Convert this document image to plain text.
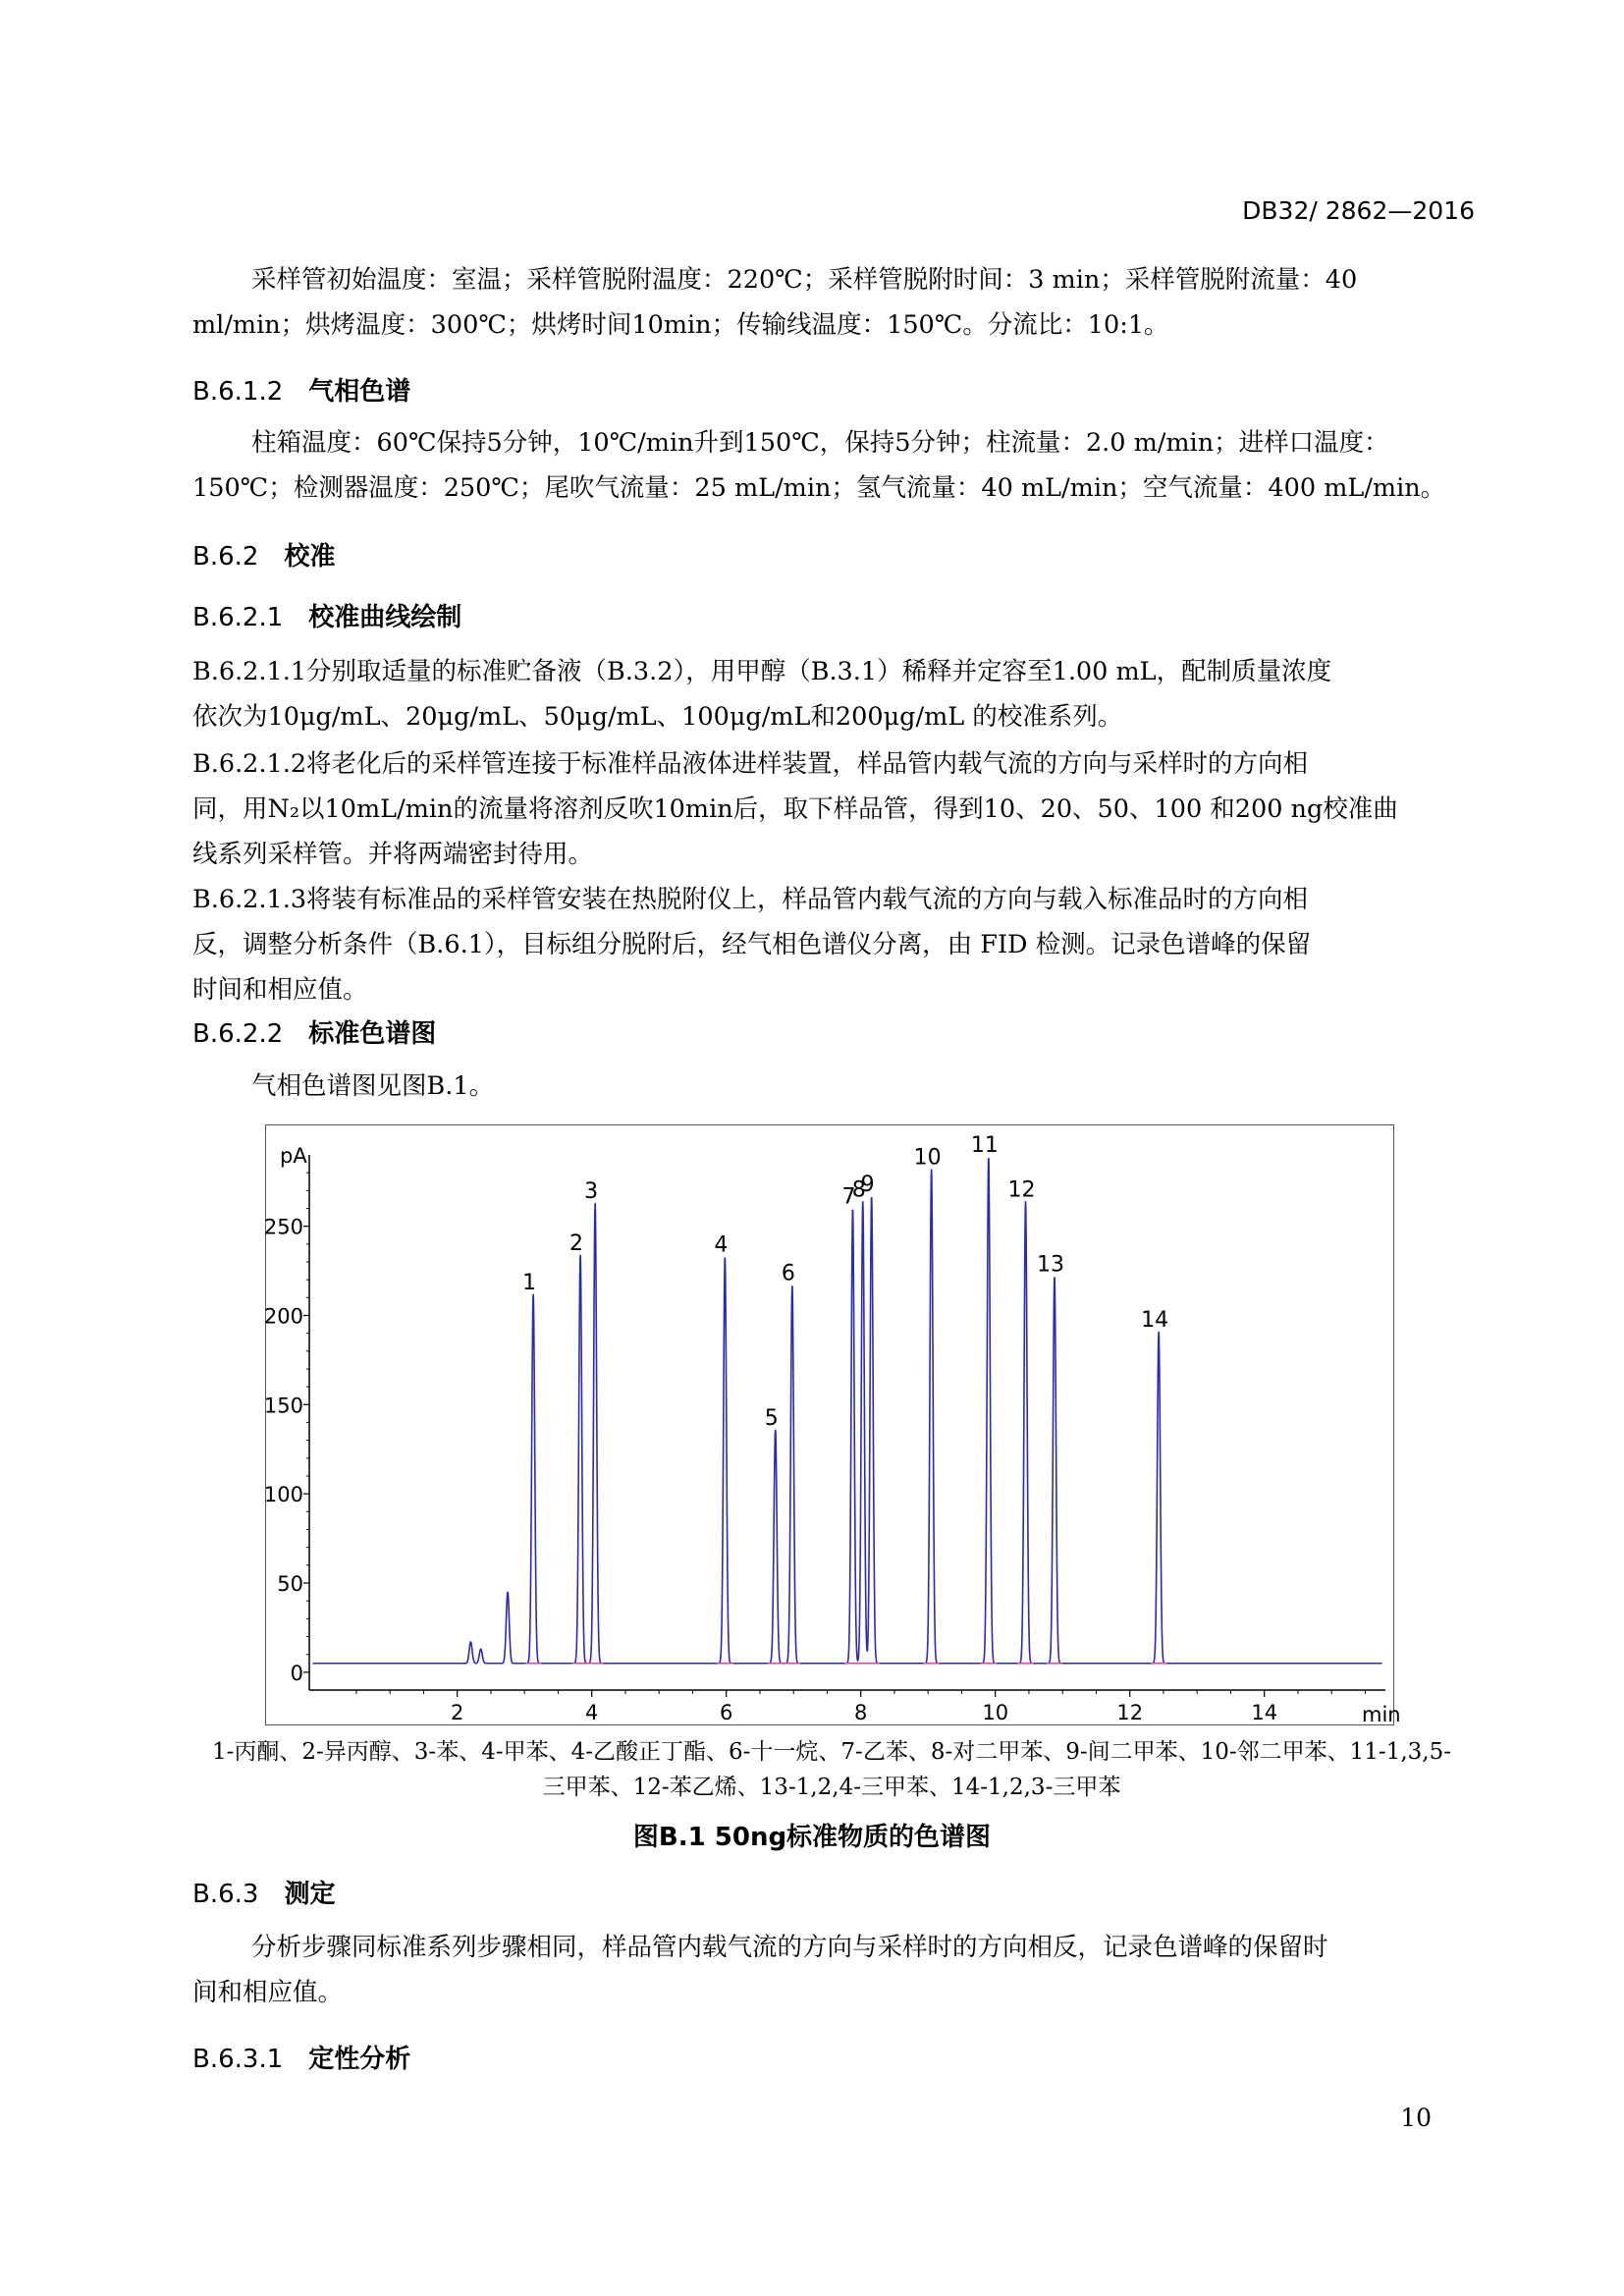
DB32/ 2862—2016
采样管初始温度：室温；采样管脱附温度：220℃；采样管脱附时间：3 min；采样管脱附流量：40
ml/min；烘烤温度：300℃；烘烤时间10min；传输线温度：150℃。分流比：10:1。
B.6.1.2 气相色谱
柱箱温度：60℃保持5分钟，10℃/min升到150℃，保持5分钟；柱流量：2.0 m/min；进样口温度：
150℃；检测器温度：250℃；尾吹气流量：25 mL/min；氢气流量：40 mL/min；空气流量：400 mL/min。
B.6.2 校准
B.6.2.1 校准曲线绘制
B.6.2.1.1分别取适量的标准贮备液（B.3.2），用甲醇（B.3.1）稀释并定容至1.00 mL，配制质量浓度
依次为10μg/mL、20μg/mL、50μg/mL、100μg/mL和200μg/mL 的校准系列。
B.6.2.1.2将老化后的采样管连接于标准样品液体进样装置，样品管内载气流的方向与采样时的方向相
同，用N₂以10mL/min的流量将溶剂反吹10min后，取下样品管，得到10、20、50、100 和200 ng校准曲
线系列采样管。并将两端密封待用。
B.6.2.1.3将装有标准品的采样管安装在热脱附仪上，样品管内载气流的方向与载入标准品时的方向相
反，调整分析条件（B.6.1），目标组分脱附后，经气相色谱仪分离，由 FID 检测。记录色谱峰的保留
时间和相应值。
B.6.2.2 标准色谱图
气相色谱图见图B.1。
0
50
100
150
200
250
2	4	6	8	10	12	14
pA
min
1
2
3
4
5
6
7
8
9
10
11
12
13
14
1-丙酮、2-异丙醇、3-苯、4-甲苯、4-乙酸正丁酯、6-十一烷、7-乙苯、8-对二甲苯、9-间二甲苯、10-邻二甲苯、11-1,3,5-
三甲苯、12-苯乙烯、13-1,2,4-三甲苯、14-1,2,3-三甲苯
图B.1 50ng标准物质的色谱图
B.6.3 测定
分析步骤同标准系列步骤相同，样品管内载气流的方向与采样时的方向相反，记录色谱峰的保留时
间和相应值。
B.6.3.1 定性分析
10
